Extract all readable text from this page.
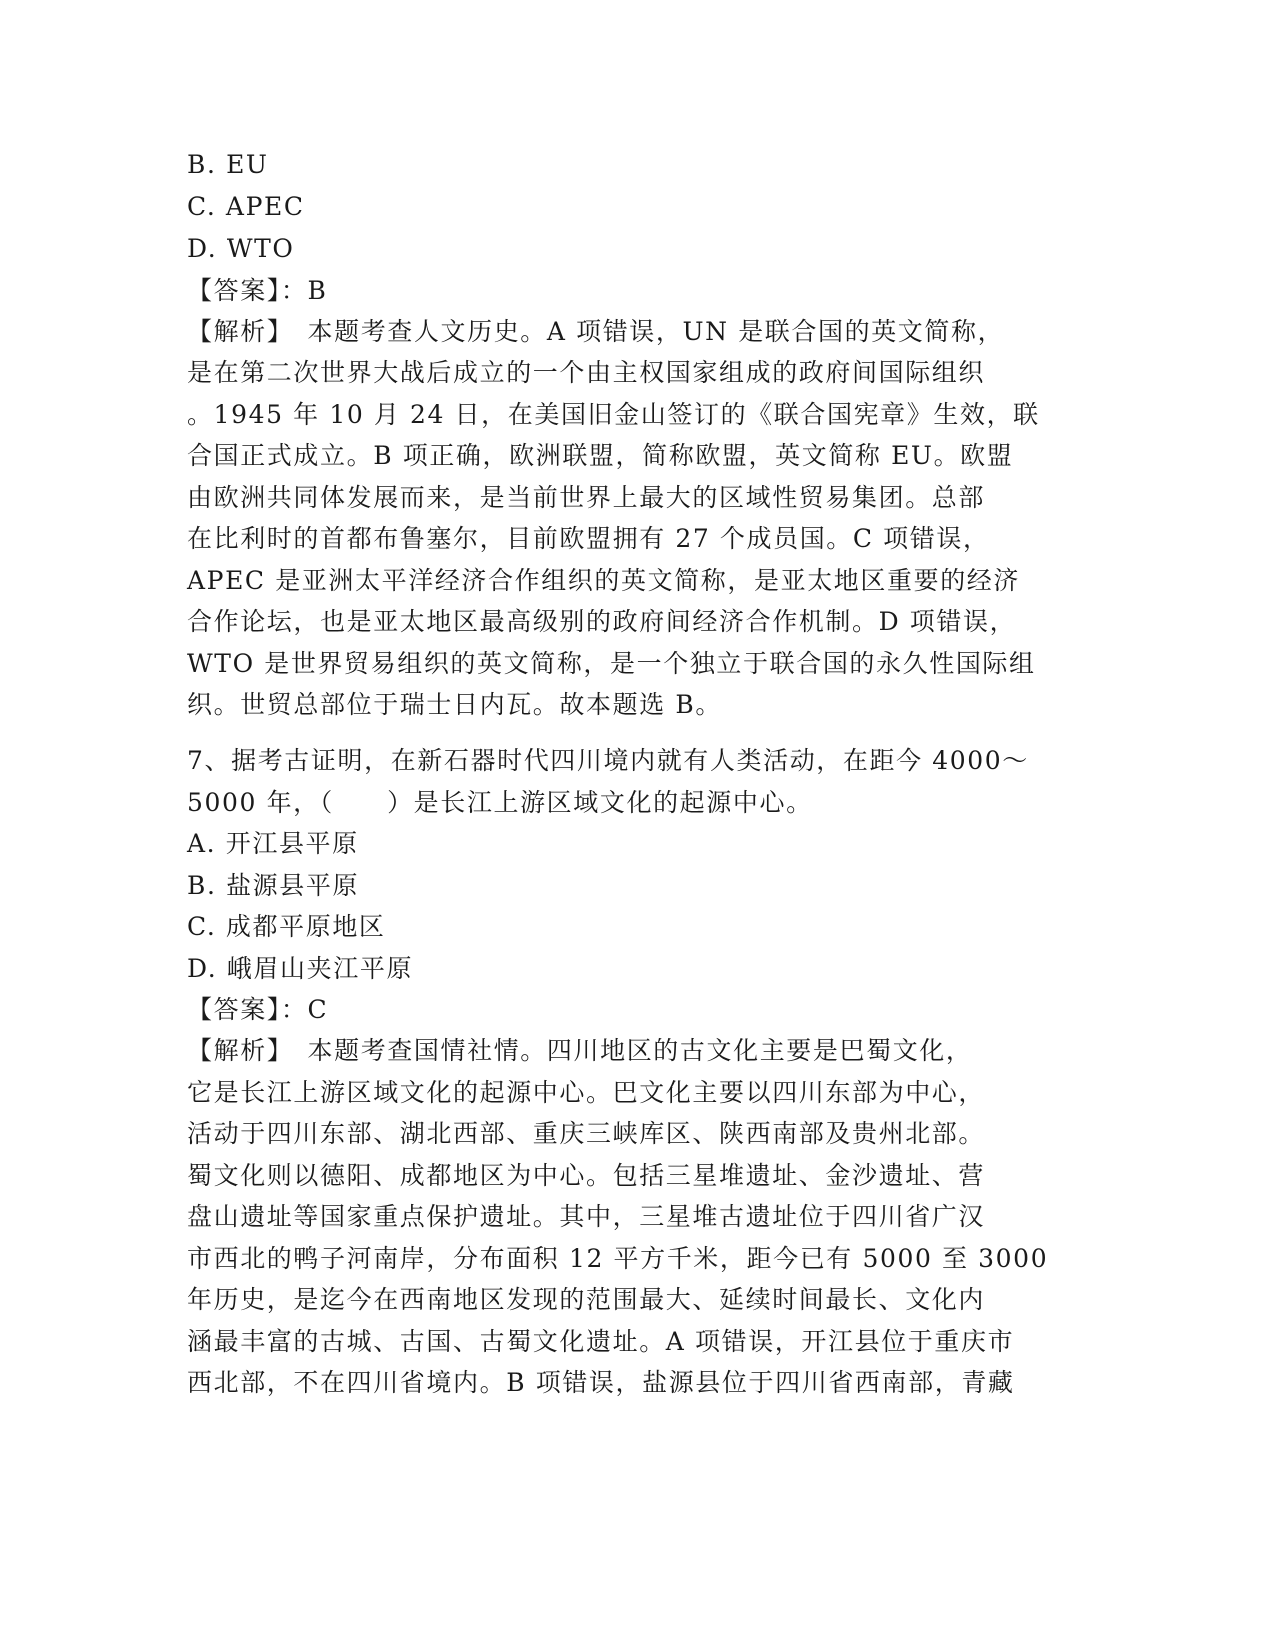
B. EU
C. APEC
D. WTO
【答案】：B
【解析】　本题考查人文历史。A 项错误，UN 是联合国的英文简称，
是在第二次世界大战后成立的一个由主权国家组成的政府间国际组织
。1945 年 10 月 24 日，在美国旧金山签订的《联合国宪章》生效，联
合国正式成立。B 项正确，欧洲联盟，简称欧盟，英文简称 EU。欧盟
由欧洲共同体发展而来，是当前世界上最大的区域性贸易集团。总部
在比利时的首都布鲁塞尔，目前欧盟拥有 27 个成员国。C 项错误，
APEC 是亚洲太平洋经济合作组织的英文简称，是亚太地区重要的经济
合作论坛，也是亚太地区最高级别的政府间经济合作机制。D 项错误，
WTO 是世界贸易组织的英文简称，是一个独立于联合国的永久性国际组
织。世贸总部位于瑞士日内瓦。故本题选 B。
7、据考古证明，在新石器时代四川境内就有人类活动，在距今 4000～
5000 年，（　　）是长江上游区域文化的起源中心。
A. 开江县平原
B. 盐源县平原
C. 成都平原地区
D. 峨眉山夹江平原
【答案】：C
【解析】　本题考查国情社情。四川地区的古文化主要是巴蜀文化，
它是长江上游区域文化的起源中心。巴文化主要以四川东部为中心，
活动于四川东部、湖北西部、重庆三峡库区、陕西南部及贵州北部。
蜀文化则以德阳、成都地区为中心。包括三星堆遗址、金沙遗址、营
盘山遗址等国家重点保护遗址。其中，三星堆古遗址位于四川省广汉
市西北的鸭子河南岸，分布面积 12 平方千米，距今已有 5000 至 3000
年历史，是迄今在西南地区发现的范围最大、延续时间最长、文化内
涵最丰富的古城、古国、古蜀文化遗址。A 项错误，开江县位于重庆市
西北部，不在四川省境内。B 项错误，盐源县位于四川省西南部，青藏
